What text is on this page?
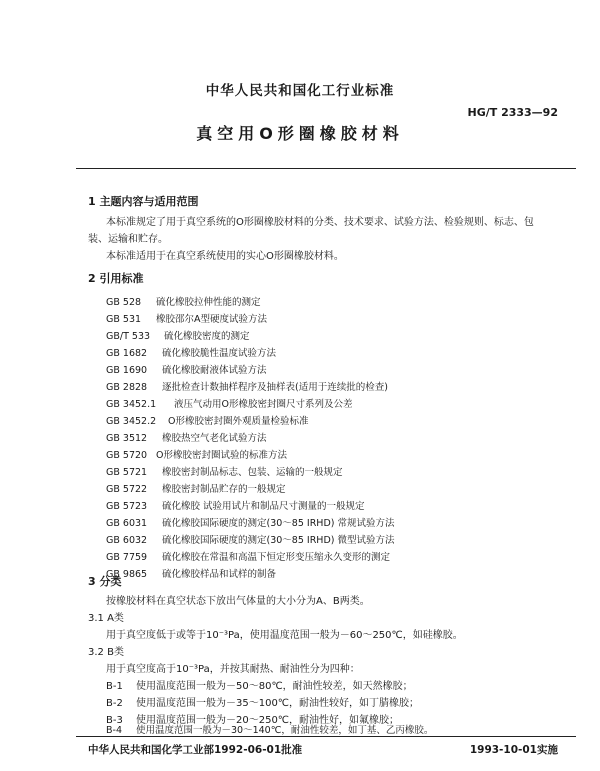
中华人民共和国化工行业标准
HG/T 2333—92
真空用O形圈橡胶材料
1 主题内容与适用范围
本标准规定了用于真空系统的O形圈橡胶材料的分类、技术要求、试验方法、检验规则、标志、包
装、运输和贮存。
本标准适用于在真空系统使用的实心O形圈橡胶材料。
2 引用标准
GB 528 硫化橡胶拉伸性能的测定
GB 531 橡胶邵尔A型硬度试验方法
GB/T 533 硫化橡胶密度的测定
GB 1682 硫化橡胶脆性温度试验方法
GB 1690 硫化橡胶耐液体试验方法
GB 2828 逐批检查计数抽样程序及抽样表(适用于连续批的检查)
GB 3452.1 液压气动用O形橡胶密封圈尺寸系列及公差
GB 3452.2 O形橡胶密封圈外观质量检验标准
GB 3512 橡胶热空气老化试验方法
GB 5720 O形橡胶密封圈试验的标准方法
GB 5721 橡胶密封制品标志、包装、运输的一般规定
GB 5722 橡胶密封制品贮存的一般规定
GB 5723 硫化橡胶 试验用试片和制品尺寸测量的一般规定
GB 6031 硫化橡胶国际硬度的测定(30～85 IRHD) 常规试验方法
GB 6032 硫化橡胶国际硬度的测定(30～85 IRHD) 微型试验方法
GB 7759 硫化橡胶在常温和高温下恒定形变压缩永久变形的测定
GB 9865 硫化橡胶样品和试样的制备
3 分类
按橡胶材料在真空状态下放出气体量的大小分为A、B两类。
3.1 A类
用于真空度低于或等于10⁻³Pa，使用温度范围一般为－60～250℃，如硅橡胶。
3.2 B类
用于真空度高于10⁻³Pa，并按其耐热、耐油性分为四种：
B-1 使用温度范围一般为－50～80℃，耐油性较差，如天然橡胶；
B-2 使用温度范围一般为－35～100℃，耐油性较好，如丁腈橡胶；
B-3 使用温度范围一般为－20～250℃，耐油性好，如氟橡胶；
中华人民共和国化学工业部1992-06-01批准	1993-10-01实施
B-4 使用温度范围一般为－30～140℃，耐油性较差，如丁基、乙丙橡胶。
